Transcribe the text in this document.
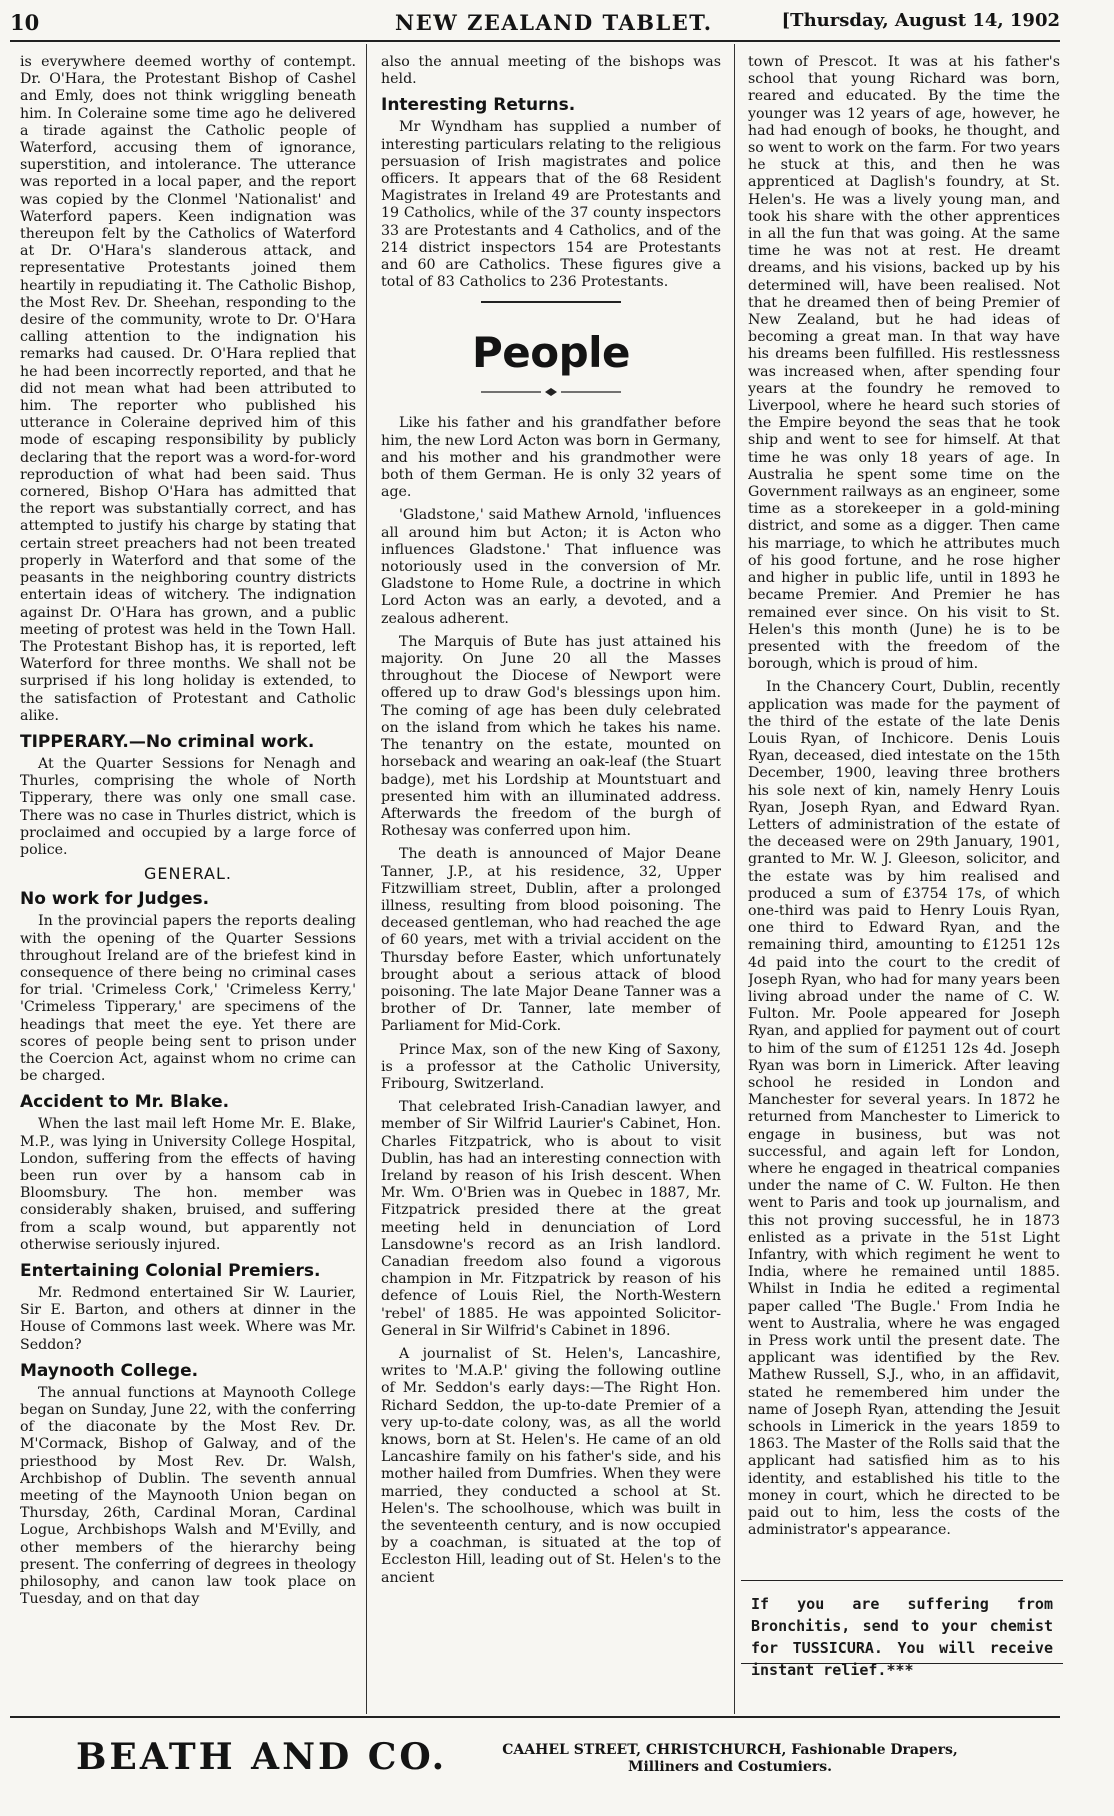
10	NEW ZEALAND TABLET.	[Thursday, August 14, 1902

is everywhere deemed worthy of contempt. Dr. O'Hara, the Protestant Bishop of Cashel and Emly, does not think wriggling beneath him. In Coleraine some time ago he delivered a tirade against the Catholic people of Waterford, accusing them of ignorance, superstition, and intolerance. The utterance was reported in a local paper, and the report was copied by the Clonmel 'Nationalist' and Waterford papers. Keen indignation was thereupon felt by the Catholics of Waterford at Dr. O'Hara's slanderous attack, and representative Protestants joined them heartily in repudiating it. The Catholic Bishop, the Most Rev. Dr. Sheehan, responding to the desire of the community, wrote to Dr. O'Hara calling attention to the indignation his remarks had caused. Dr. O'Hara replied that he had been incorrectly reported, and that he did not mean what had been attributed to him. The reporter who published his utterance in Coleraine deprived him of this mode of escaping responsibility by publicly declaring that the report was a word-for-word reproduction of what had been said. Thus cornered, Bishop O'Hara has admitted that the report was substantially correct, and has attempted to justify his charge by stating that certain street preachers had not been treated properly in Waterford and that some of the peasants in the neighboring country districts entertain ideas of witchery. The indignation against Dr. O'Hara has grown, and a public meeting of protest was held in the Town Hall. The Protestant Bishop has, it is reported, left Waterford for three months. We shall not be surprised if his long holiday is extended, to the satisfaction of Protestant and Catholic alike.

TIPPERARY.—No criminal work.

At the Quarter Sessions for Nenagh and Thurles, comprising the whole of North Tipperary, there was only one small case. There was no case in Thurles district, which is proclaimed and occupied by a large force of police.

GENERAL.
No work for Judges.

In the provincial papers the reports dealing with the opening of the Quarter Sessions throughout Ireland are of the briefest kind in consequence of there being no criminal cases for trial. 'Crimeless Cork,' 'Crimeless Kerry,' 'Crimeless Tipperary,' are specimens of the headings that meet the eye. Yet there are scores of people being sent to prison under the Coercion Act, against whom no crime can be charged.

Accident to Mr. Blake.

When the last mail left Home Mr. E. Blake, M.P., was lying in University College Hospital, London, suffering from the effects of having been run over by a hansom cab in Bloomsbury. The hon. member was considerably shaken, bruised, and suffering from a scalp wound, but apparently not otherwise seriously injured.

Entertaining Colonial Premiers.

Mr. Redmond entertained Sir W. Laurier, Sir E. Barton, and others at dinner in the House of Commons last week. Where was Mr. Seddon?

Maynooth College.

The annual functions at Maynooth College began on Sunday, June 22, with the conferring of the diaconate by the Most Rev. Dr. M'Cormack, Bishop of Galway, and of the priesthood by Most Rev. Dr. Walsh, Archbishop of Dublin. The seventh annual meeting of the Maynooth Union began on Thursday, 26th, Cardinal Moran, Cardinal Logue, Archbishops Walsh and M'Evilly, and other members of the hierarchy being present. The conferring of degrees in theology philosophy, and canon law took place on Tuesday, and on that day

also the annual meeting of the bishops was held.

Interesting Returns.

Mr Wyndham has supplied a number of interesting particulars relating to the religious persuasion of Irish magistrates and police officers. It appears that of the 68 Resident Magistrates in Ireland 49 are Protestants and 19 Catholics, while of the 37 county inspectors 33 are Protestants and 4 Catholics, and of the 214 district inspectors 154 are Protestants and 60 are Catholics. These figures give a total of 83 Catholics to 236 Protestants.

People

Like his father and his grandfather before him, the new Lord Acton was born in Germany, and his mother and his grandmother were both of them German. He is only 32 years of age.

'Gladstone,' said Mathew Arnold, 'influences all around him but Acton; it is Acton who influences Gladstone.' That influence was notoriously used in the conversion of Mr. Gladstone to Home Rule, a doctrine in which Lord Acton was an early, a devoted, and a zealous adherent.

The Marquis of Bute has just attained his majority. On June 20 all the Masses throughout the Diocese of Newport were offered up to draw God's blessings upon him. The coming of age has been duly celebrated on the island from which he takes his name. The tenantry on the estate, mounted on horseback and wearing an oak-leaf (the Stuart badge), met his Lordship at Mountstuart and presented him with an illuminated address. Afterwards the freedom of the burgh of Rothesay was conferred upon him.

The death is announced of Major Deane Tanner, J.P., at his residence, 32, Upper Fitzwilliam street, Dublin, after a prolonged illness, resulting from blood poisoning. The deceased gentleman, who had reached the age of 60 years, met with a trivial accident on the Thursday before Easter, which unfortunately brought about a serious attack of blood poisoning. The late Major Deane Tanner was a brother of Dr. Tanner, late member of Parliament for Mid-Cork.

Prince Max, son of the new King of Saxony, is a professor at the Catholic University, Fribourg, Switzerland.

That celebrated Irish-Canadian lawyer, and member of Sir Wilfrid Laurier's Cabinet, Hon. Charles Fitzpatrick, who is about to visit Dublin, has had an interesting connection with Ireland by reason of his Irish descent. When Mr. Wm. O'Brien was in Quebec in 1887, Mr. Fitzpatrick presided there at the great meeting held in denunciation of Lord Lansdowne's record as an Irish landlord. Canadian freedom also found a vigorous champion in Mr. Fitzpatrick by reason of his defence of Louis Riel, the North-Western 'rebel' of 1885. He was appointed Solicitor-General in Sir Wilfrid's Cabinet in 1896.

A journalist of St. Helen's, Lancashire, writes to 'M.A.P.' giving the following outline of Mr. Seddon's early days:—The Right Hon. Richard Seddon, the up-to-date Premier of a very up-to-date colony, was, as all the world knows, born at St. Helen's. He came of an old Lancashire family on his father's side, and his mother hailed from Dumfries. When they were married, they conducted a school at St. Helen's. The schoolhouse, which was built in the seventeenth century, and is now occupied by a coachman, is situated at the top of Eccleston Hill, leading out of St. Helen's to the ancient

town of Prescot. It was at his father's school that young Richard was born, reared and educated. By the time the younger was 12 years of age, however, he had had enough of books, he thought, and so went to work on the farm. For two years he stuck at this, and then he was apprenticed at Daglish's foundry, at St. Helen's. He was a lively young man, and took his share with the other apprentices in all the fun that was going. At the same time he was not at rest. He dreamt dreams, and his visions, backed up by his determined will, have been realised. Not that he dreamed then of being Premier of New Zealand, but he had ideas of becoming a great man. In that way have his dreams been fulfilled. His restlessness was increased when, after spending four years at the foundry he removed to Liverpool, where he heard such stories of the Empire beyond the seas that he took ship and went to see for himself. At that time he was only 18 years of age. In Australia he spent some time on the Government railways as an engineer, some time as a storekeeper in a gold-mining district, and some as a digger. Then came his marriage, to which he attributes much of his good fortune, and he rose higher and higher in public life, until in 1893 he became Premier. And Premier he has remained ever since. On his visit to St. Helen's this month (June) he is to be presented with the freedom of the borough, which is proud of him.

In the Chancery Court, Dublin, recently application was made for the payment of the third of the estate of the late Denis Louis Ryan, of Inchicore. Denis Louis Ryan, deceased, died intestate on the 15th December, 1900, leaving three brothers his sole next of kin, namely Henry Louis Ryan, Joseph Ryan, and Edward Ryan. Letters of administration of the estate of the deceased were on 29th January, 1901, granted to Mr. W. J. Gleeson, solicitor, and the estate was by him realised and produced a sum of £3754 17s, of which one-third was paid to Henry Louis Ryan, one third to Edward Ryan, and the remaining third, amounting to £1251 12s 4d paid into the court to the credit of Joseph Ryan, who had for many years been living abroad under the name of C. W. Fulton. Mr. Poole appeared for Joseph Ryan, and applied for payment out of court to him of the sum of £1251 12s 4d. Joseph Ryan was born in Limerick. After leaving school he resided in London and Manchester for several years. In 1872 he returned from Manchester to Limerick to engage in business, but was not successful, and again left for London, where he engaged in theatrical companies under the name of C. W. Fulton. He then went to Paris and took up journalism, and this not proving successful, he in 1873 enlisted as a private in the 51st Light Infantry, with which regiment he went to India, where he remained until 1885. Whilst in India he edited a regimental paper called 'The Bugle.' From India he went to Australia, where he was engaged in Press work until the present date. The applicant was identified by the Rev. Mathew Russell, S.J., who, in an affidavit, stated he remembered him under the name of Joseph Ryan, attending the Jesuit schools in Limerick in the years 1859 to 1863. The Master of the Rolls said that the applicant had satisfied him as to his identity, and established his title to the money in court, which he directed to be paid out to him, less the costs of the administrator's appearance.

If you are suffering from Bronchitis, send to your chemist for TUSSICURA. You will receive instant relief.***
BEATH AND CO.	CAAHEL STREET, CHRISTCHURCH, Fashionable Drapers,
Milliners and Costumiers.
